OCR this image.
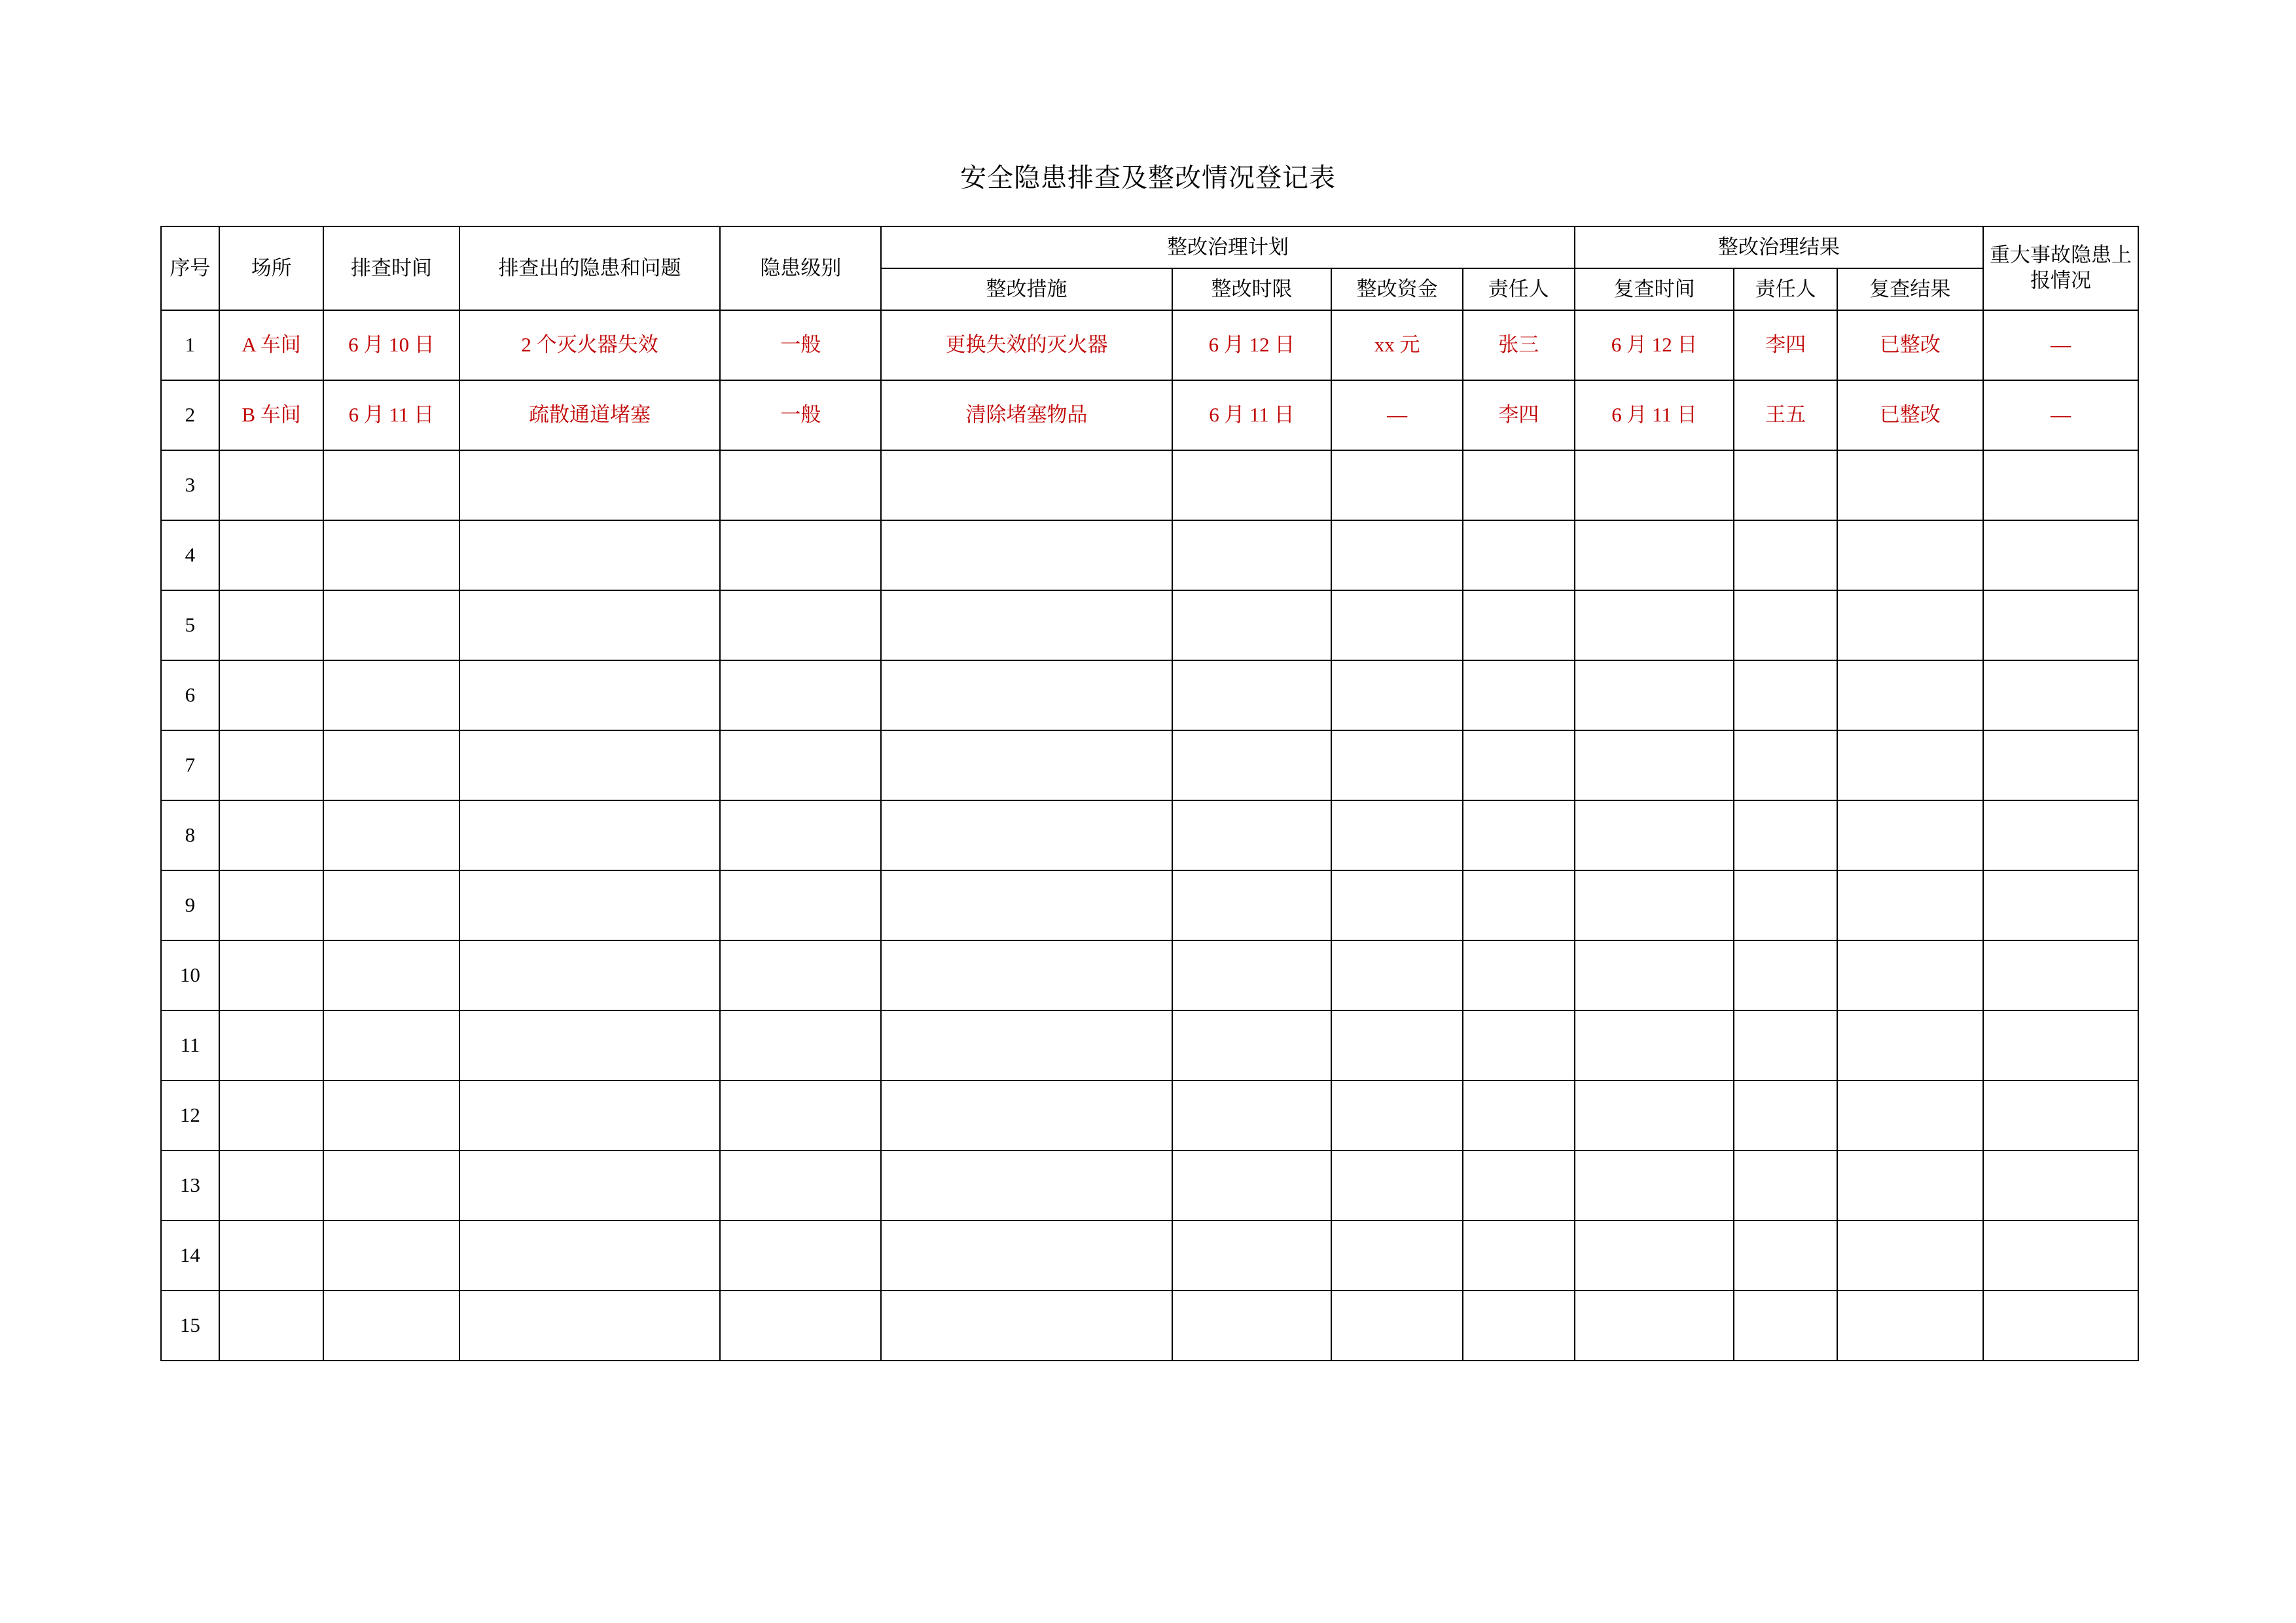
安全隐患排查及整改情况登记表
序号	场所	排查时间	排查出的隐患和问题	隐患级别	整改治理计划				整改治理结果			重大事故隐患上报情况
					整改措施	整改时限	整改资金	责任人	复查时间	责任人	复查结果	
1	A 车间	6 月 10 日	2 个灭火器失效	一般	更换失效的灭火器	6 月 12 日	xx 元	张三	6 月 12 日	李四	已整改	—
2	B 车间	6 月 11 日	疏散通道堵塞	一般	清除堵塞物品	6 月 11 日	—	李四	6 月 11 日	王五	已整改	—
3												
4												
5												
6												
7												
8												
9												
10												
11												
12												
13												
14												
15												
